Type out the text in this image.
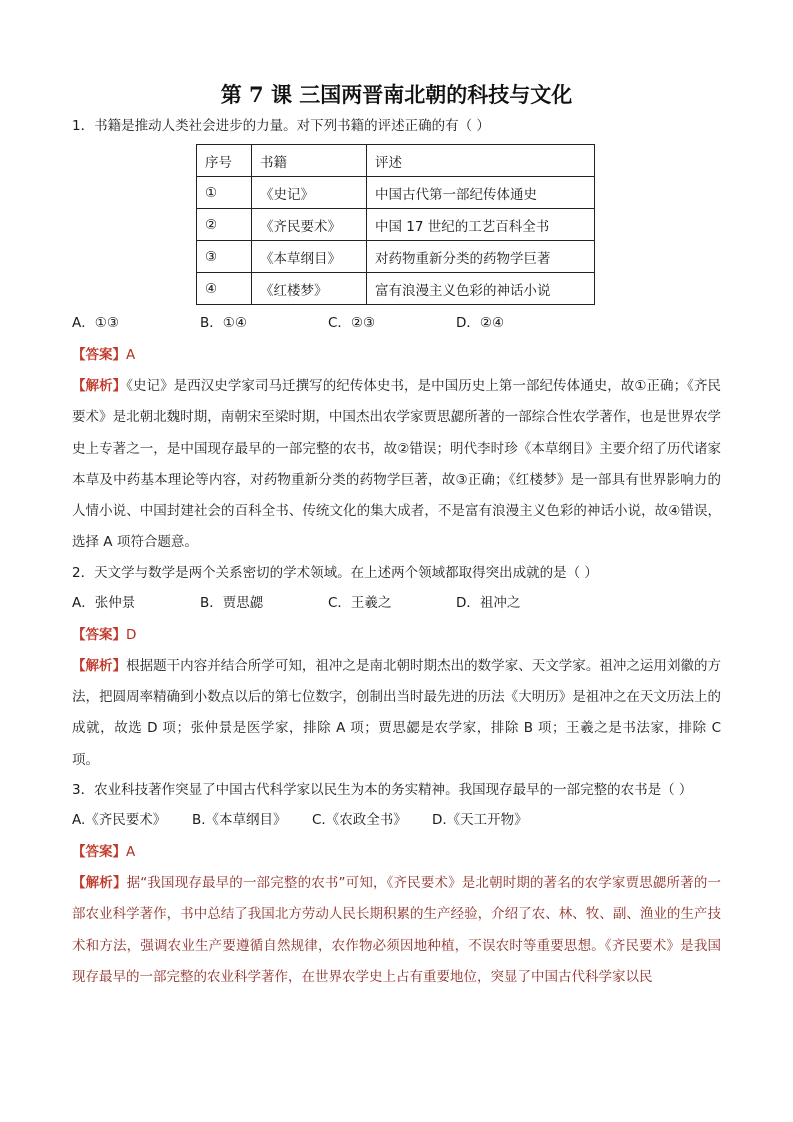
第 7 课 三国两晋南北朝的科技与文化
1．书籍是推动人类社会进步的力量。对下列书籍的评述正确的有（ ）
序号	书籍	评述
①	《史记》	中国古代第一部纪传体通史
②	《齐民要术》	中国 17 世纪的工艺百科全书
③	《本草纲目》	对药物重新分类的药物学巨著
④	《红楼梦》	富有浪漫主义色彩的神话小说
A．①③	B．①④	C．②③	D．②④
【答案】A

【解析】《史记》是西汉史学家司马迁撰写的纪传体史书，是中国历史上第一部纪传体通史，故①正确；《齐民要术》是北朝北魏时期，南朝宋至梁时期，中国杰出农学家贾思勰所著的一部综合性农学著作，也是世界农学史上专著之一，是中国现存最早的一部完整的农书，故②错误；明代李时珍《本草纲目》主要介绍了历代诸家本草及中药基本理论等内容，对药物重新分类的药物学巨著，故③正确；《红楼梦》是一部具有世界影响力的人情小说、中国封建社会的百科全书、传统文化的集大成者，不是富有浪漫主义色彩的神话小说，故④错误，选择 A 项符合题意。

2．天文学与数学是两个关系密切的学术领域。在上述两个领域都取得突出成就的是（ ）
A．张仲景	B．贾思勰	C．王羲之	D．祖冲之
【答案】D

【解析】根据题干内容并结合所学可知，祖冲之是南北朝时期杰出的数学家、天文学家。祖冲之运用刘徽的方法，把圆周率精确到小数点以后的第七位数字，创制出当时最先进的历法《大明历》是祖冲之在天文历法上的成就，故选 D 项；张仲景是医学家，排除 A 项；贾思勰是农学家，排除 B 项；王羲之是书法家，排除 C 项。

3．农业科技著作突显了中国古代科学家以民生为本的务实精神。我国现存最早的一部完整的农书是（ ）
A.《齐民要术》	B.《本草纲目》	C.《农政全书》	D.《天工开物》
【答案】A

【解析】据“我国现存最早的一部完整的农书”可知，《齐民要术》是北朝时期的著名的农学家贾思勰所著的一部农业科学著作，书中总结了我国北方劳动人民长期积累的生产经验，介绍了农、林、牧、副、渔业的生产技术和方法，强调农业生产要遵循自然规律，农作物必须因地种植，不误农时等重要思想。《齐民要术》是我国现存最早的一部完整的农业科学著作，在世界农学史上占有重要地位，突显了中国古代科学家以民
